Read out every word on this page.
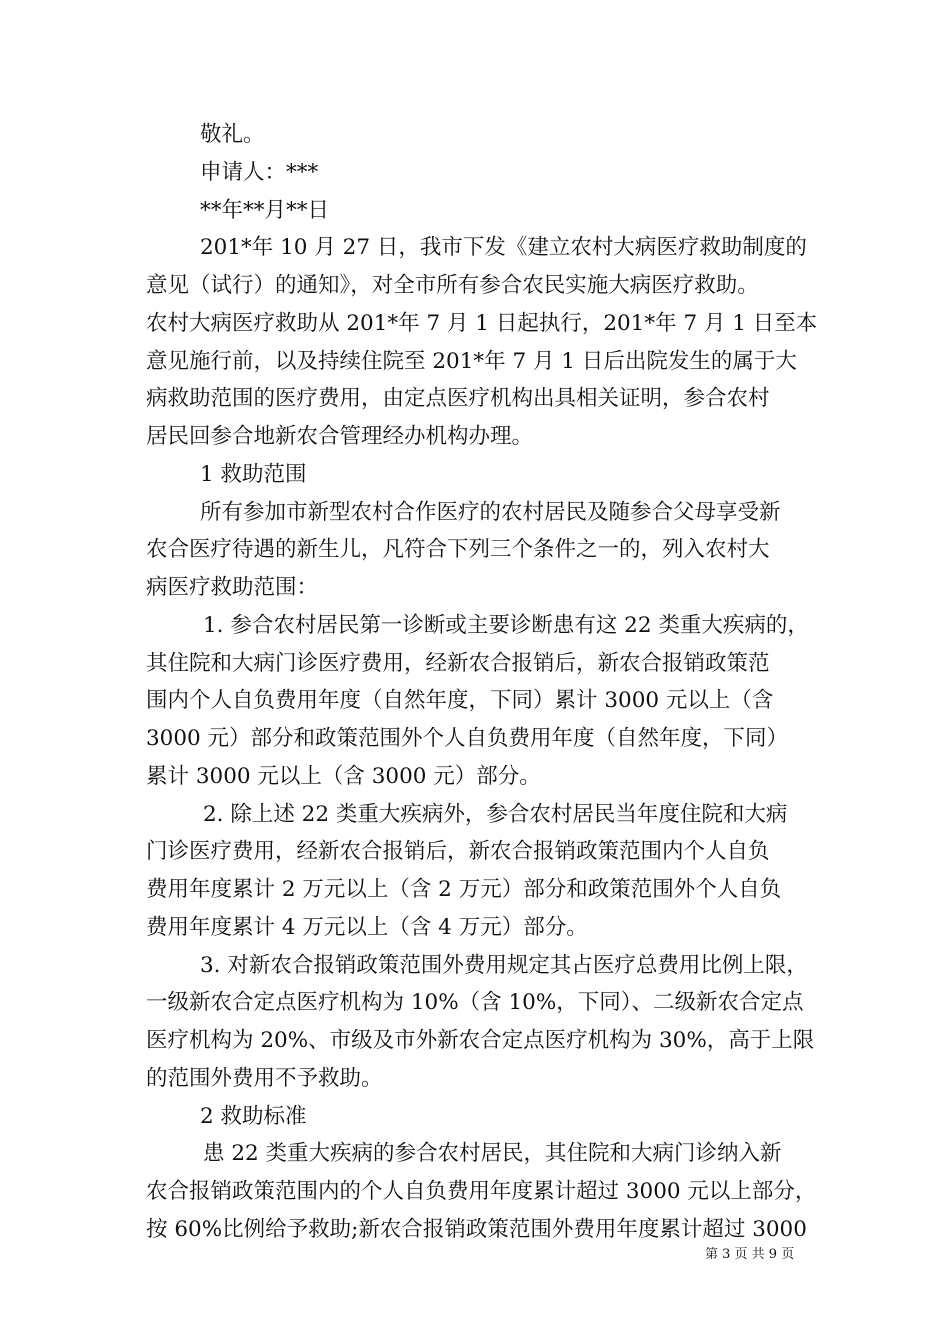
敬礼。
申请人：***
**年**月**日
201*年 10 月 27 日，我市下发《建立农村大病医疗救助制度的
意见（试行）的通知》，对全市所有参合农民实施大病医疗救助。
农村大病医疗救助从 201*年 7 月 1 日起执行，201*年 7 月 1 日至本
意见施行前，以及持续住院至 201*年 7 月 1 日后出院发生的属于大
病救助范围的医疗费用，由定点医疗机构出具相关证明，参合农村
居民回参合地新农合管理经办机构办理。
1 救助范围
所有参加市新型农村合作医疗的农村居民及随参合父母享受新
农合医疗待遇的新生儿，凡符合下列三个条件之一的，列入农村大
病医疗救助范围：
1. 参合农村居民第一诊断或主要诊断患有这 22 类重大疾病的，
其住院和大病门诊医疗费用，经新农合报销后，新农合报销政策范
围内个人自负费用年度（自然年度，下同）累计 3000 元以上（含
3000 元）部分和政策范围外个人自负费用年度（自然年度，下同）
累计 3000 元以上（含 3000 元）部分。
2. 除上述 22 类重大疾病外，参合农村居民当年度住院和大病
门诊医疗费用，经新农合报销后，新农合报销政策范围内个人自负
费用年度累计 2 万元以上（含 2 万元）部分和政策范围外个人自负
费用年度累计 4 万元以上（含 4 万元）部分。
3. 对新农合报销政策范围外费用规定其占医疗总费用比例上限，
一级新农合定点医疗机构为 10%（含 10%，下同）、二级新农合定点
医疗机构为 20%、市级及市外新农合定点医疗机构为 30%，高于上限
的范围外费用不予救助。
2 救助标准
患 22 类重大疾病的参合农村居民，其住院和大病门诊纳入新
农合报销政策范围内的个人自负费用年度累计超过 3000 元以上部分，
按 60%比例给予救助;新农合报销政策范围外费用年度累计超过 3000
第 3 页 共 9 页
